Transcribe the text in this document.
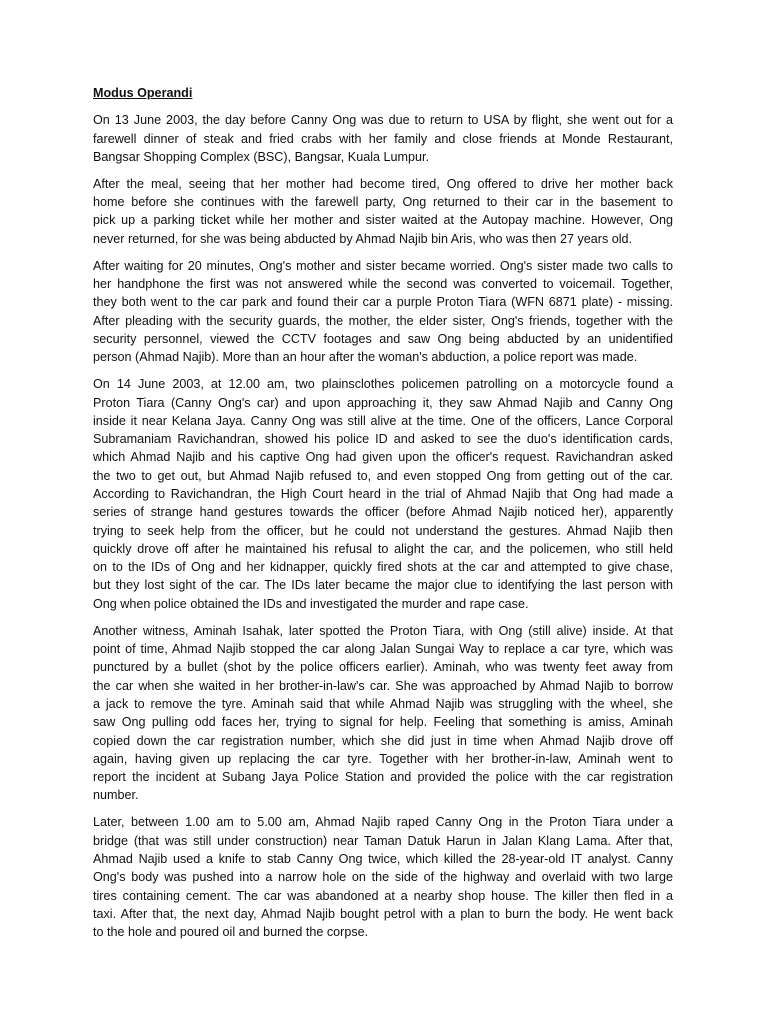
Modus Operandi
On 13 June 2003, the day before Canny Ong was due to return to USA by flight, she went out for a
farewell dinner of steak and fried crabs with her family and close friends at Monde Restaurant,
Bangsar Shopping Complex (BSC), Bangsar, Kuala Lumpur.
After the meal, seeing that her mother had become tired, Ong offered to drive her mother back
home before she continues with the farewell party, Ong returned to their car in the basement to
pick up a parking ticket while her mother and sister waited at the Autopay machine. However, Ong
never returned, for she was being abducted by Ahmad Najib bin Aris, who was then 27 years old.
After waiting for 20 minutes, Ong's mother and sister became worried. Ong's sister made two calls to
her handphone the first was not answered while the second was converted to voicemail. Together,
they both went to the car park and found their car a purple Proton Tiara (WFN 6871 plate) - missing.
After pleading with the security guards, the mother, the elder sister, Ong's friends, together with the
security personnel, viewed the CCTV footages and saw Ong being abducted by an unidentified
person (Ahmad Najib). More than an hour after the woman's abduction, a police report was made.
On 14 June 2003, at 12.00 am, two plainsclothes policemen patrolling on a motorcycle found a
Proton Tiara (Canny Ong's car) and upon approaching it, they saw Ahmad Najib and Canny Ong
inside it near Kelana Jaya. Canny Ong was still alive at the time. One of the officers, Lance Corporal
Subramaniam Ravichandran, showed his police ID and asked to see the duo's identification cards,
which Ahmad Najib and his captive Ong had given upon the officer's request. Ravichandran asked
the two to get out, but Ahmad Najib refused to, and even stopped Ong from getting out of the car.
According to Ravichandran, the High Court heard in the trial of Ahmad Najib that Ong had made a
series of strange hand gestures towards the officer (before Ahmad Najib noticed her), apparently
trying to seek help from the officer, but he could not understand the gestures. Ahmad Najib then
quickly drove off after he maintained his refusal to alight the car, and the policemen, who still held
on to the IDs of Ong and her kidnapper, quickly fired shots at the car and attempted to give chase,
but they lost sight of the car. The IDs later became the major clue to identifying the last person with
Ong when police obtained the IDs and investigated the murder and rape case.
Another witness, Aminah Isahak, later spotted the Proton Tiara, with Ong (still alive) inside. At that
point of time, Ahmad Najib stopped the car along Jalan Sungai Way to replace a car tyre, which was
punctured by a bullet (shot by the police officers earlier). Aminah, who was twenty feet away from
the car when she waited in her brother-in-law's car. She was approached by Ahmad Najib to borrow
a jack to remove the tyre. Aminah said that while Ahmad Najib was struggling with the wheel, she
saw Ong pulling odd faces her, trying to signal for help. Feeling that something is amiss, Aminah
copied down the car registration number, which she did just in time when Ahmad Najib drove off
again, having given up replacing the car tyre. Together with her brother-in-law, Aminah went to
report the incident at Subang Jaya Police Station and provided the police with the car registration
number.
Later, between 1.00 am to 5.00 am, Ahmad Najib raped Canny Ong in the Proton Tiara under a
bridge (that was still under construction) near Taman Datuk Harun in Jalan Klang Lama. After that,
Ahmad Najib used a knife to stab Canny Ong twice, which killed the 28-year-old IT analyst. Canny
Ong's body was pushed into a narrow hole on the side of the highway and overlaid with two large
tires containing cement. The car was abandoned at a nearby shop house. The killer then fled in a
taxi. After that, the next day, Ahmad Najib bought petrol with a plan to burn the body. He went back
to the hole and poured oil and burned the corpse.
